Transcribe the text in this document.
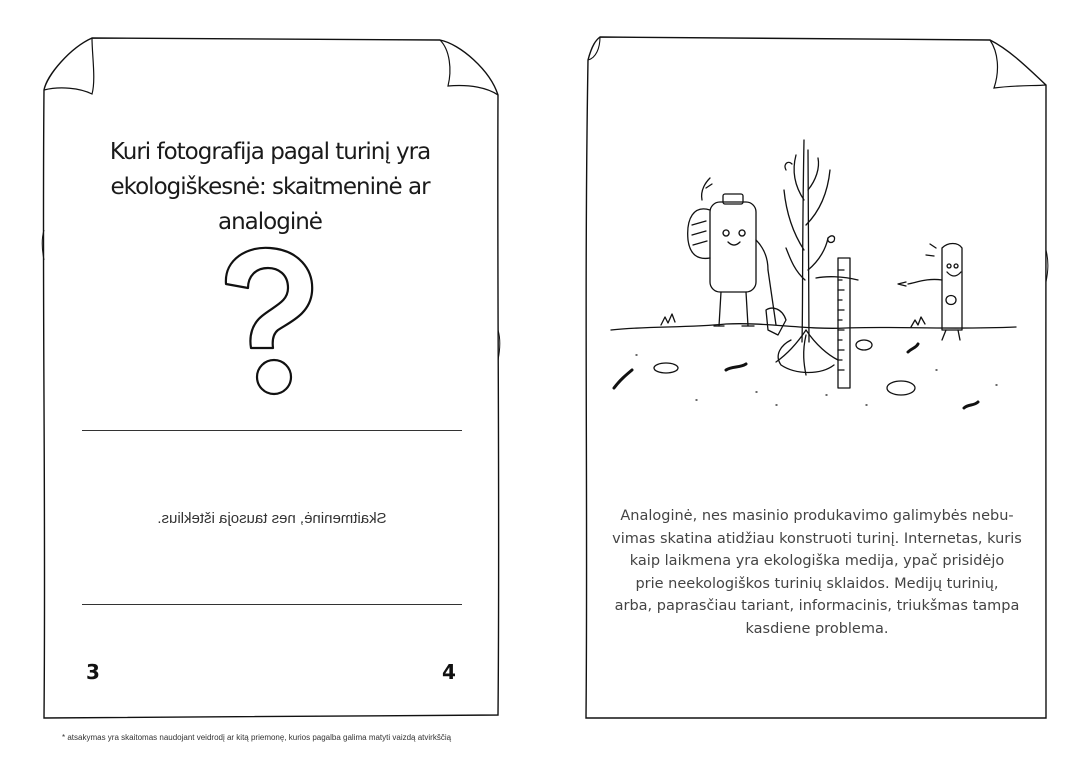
Kuri fotografija pagal turinį yra ekologiškesnė: skaitmeninė ar analoginė
Skaitmeninė, nes tausoja išteklius.
3	4
Analoginė, nes masinio produkavimo galimybės nebu-
vimas skatina atidžiau konstruoti turinį. Internetas, kuris
kaip laikmena yra ekologiška medija, ypač prisidėjo
prie neekologiškos turinių sklaidos. Medijų turinių,
arba, paprasčiau tariant, informacinis, triukšmas tampa
kasdiene problema.
* atsakymas yra skaitomas naudojant veidrodį ar kitą priemonę, kurios pagalba galima matyti vaizdą atvirkščią
